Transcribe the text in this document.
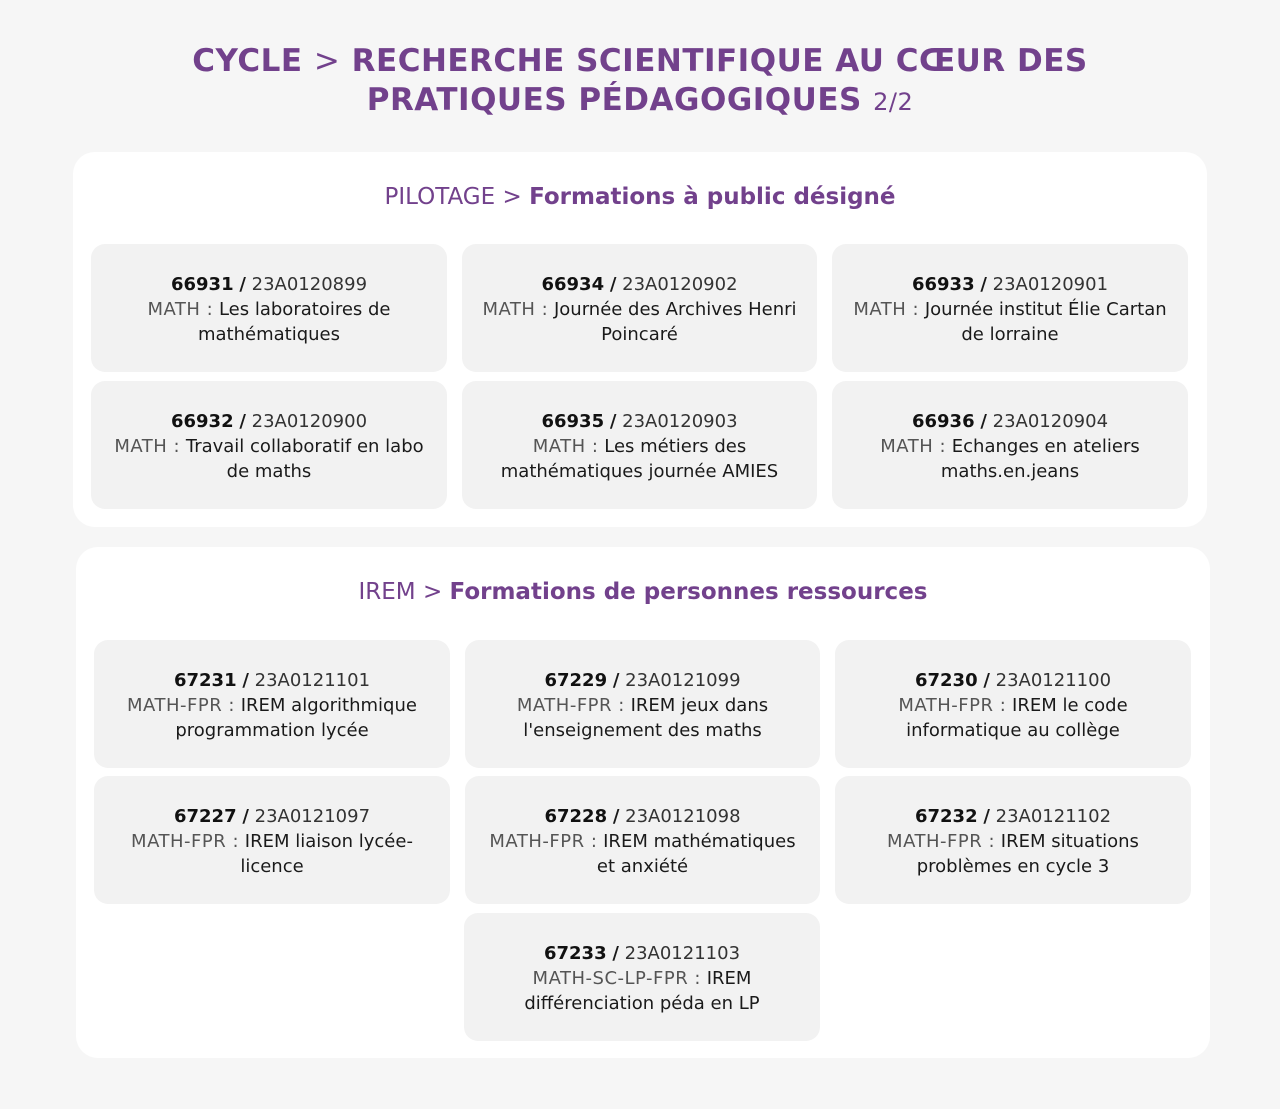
CYCLE > RECHERCHE SCIENTIFIQUE AU CŒUR DES
PRATIQUES PÉDAGOGIQUES 2/2
PILOTAGE > Formations à public désigné
66931 / 23A0120899
MATH : Les laboratoires de mathématiques
66934 / 23A0120902
MATH : Journée des Archives Henri Poincaré
66933 / 23A0120901
MATH : Journée institut Élie Cartan de lorraine
66932 / 23A0120900
MATH : Travail collaboratif en labo de maths
66935 / 23A0120903
MATH : Les métiers des mathématiques journée AMIES
66936 / 23A0120904
MATH : Echanges en ateliers maths.en.jeans
IREM > Formations de personnes ressources
67231 / 23A0121101
MATH-FPR : IREM algorithmique programmation lycée
67229 / 23A0121099
MATH-FPR : IREM jeux dans l'enseignement des maths
67230 / 23A0121100
MATH-FPR : IREM le code informatique au collège
67227 / 23A0121097
MATH-FPR : IREM liaison lycée-licence
67228 / 23A0121098
MATH-FPR : IREM mathématiques et anxiété
67232 / 23A0121102
MATH-FPR : IREM situations problèmes en cycle 3
67233 / 23A0121103
MATH-SC-LP-FPR : IREM différenciation péda en LP
